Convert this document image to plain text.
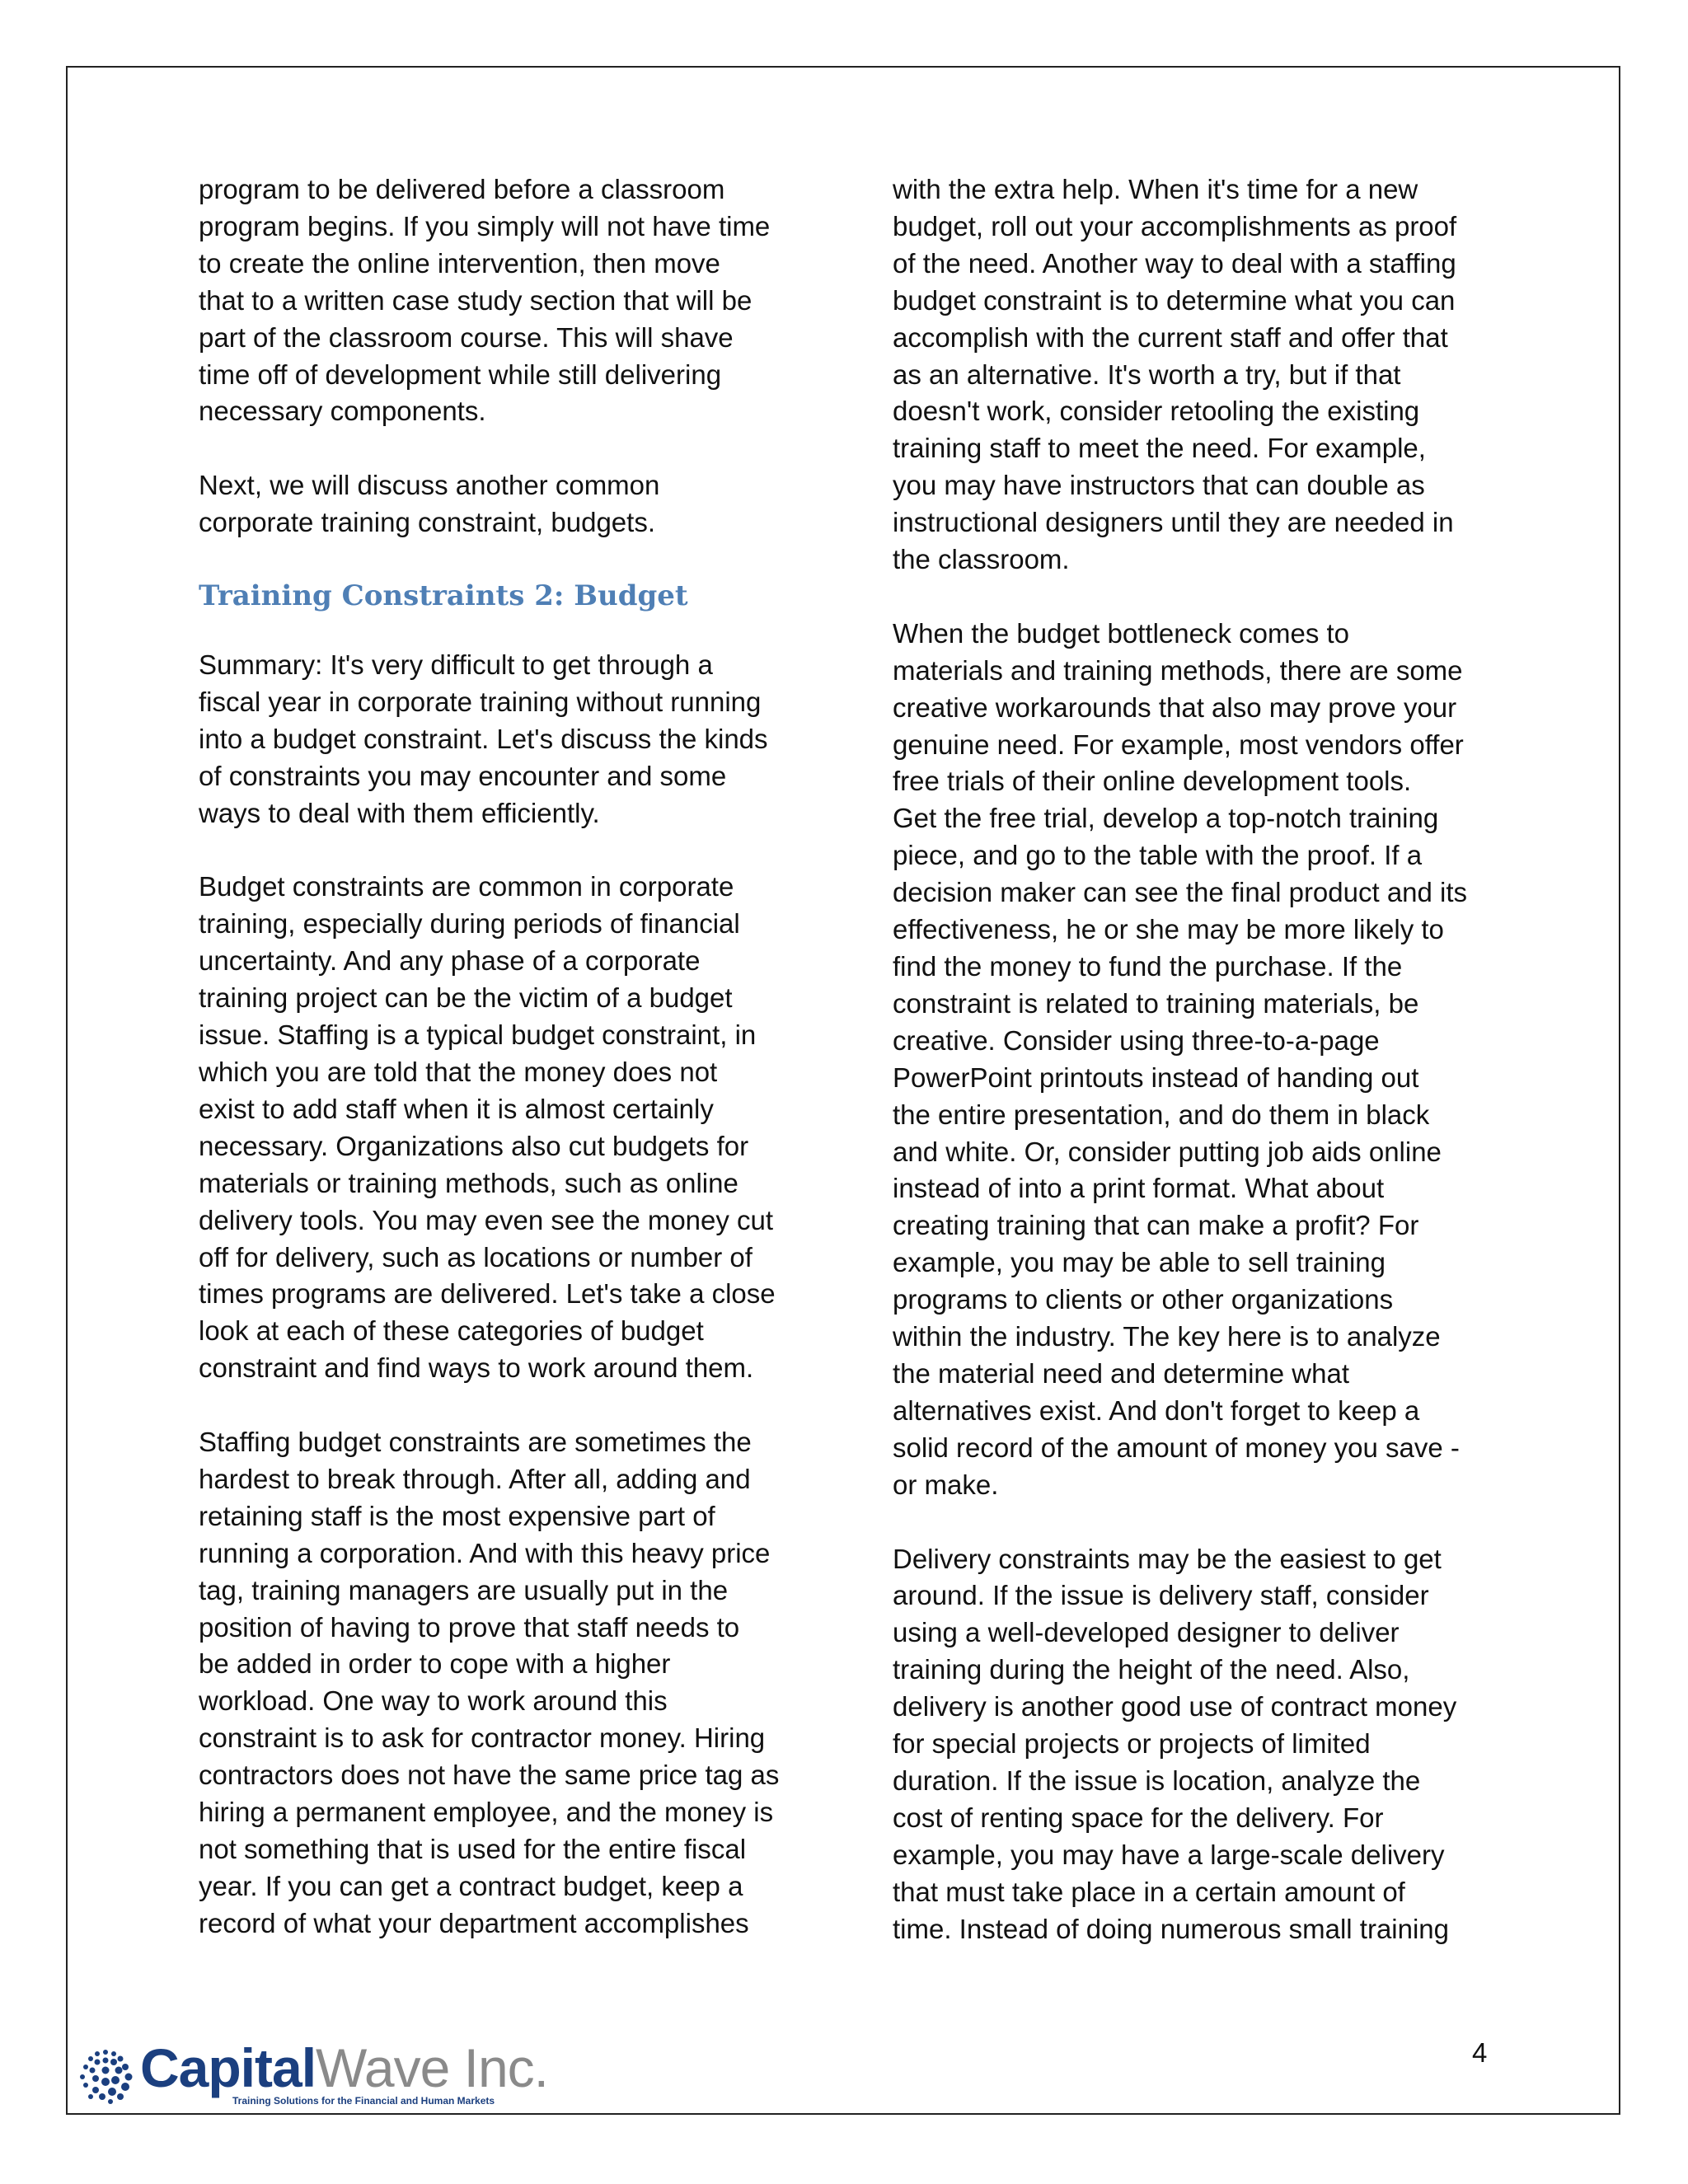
program to be delivered before a classroom
program begins. If you simply will not have time
to create the online intervention, then move
that to a written case study section that will be
part of the classroom course. This will shave
time off of development while still delivering
necessary components.

Next, we will discuss another common
corporate training constraint, budgets.

Training Constraints 2: Budget

Summary: It's very difficult to get through a
fiscal year in corporate training without running
into a budget constraint. Let's discuss the kinds
of constraints you may encounter and some
ways to deal with them efficiently.

Budget constraints are common in corporate
training, especially during periods of financial
uncertainty. And any phase of a corporate
training project can be the victim of a budget
issue. Staffing is a typical budget constraint, in
which you are told that the money does not
exist to add staff when it is almost certainly
necessary. Organizations also cut budgets for
materials or training methods, such as online
delivery tools. You may even see the money cut
off for delivery, such as locations or number of
times programs are delivered. Let's take a close
look at each of these categories of budget
constraint and find ways to work around them.

Staffing budget constraints are sometimes the
hardest to break through. After all, adding and
retaining staff is the most expensive part of
running a corporation. And with this heavy price
tag, training managers are usually put in the
position of having to prove that staff needs to
be added in order to cope with a higher
workload. One way to work around this
constraint is to ask for contractor money. Hiring
contractors does not have the same price tag as
hiring a permanent employee, and the money is
not something that is used for the entire fiscal
year. If you can get a contract budget, keep a
record of what your department accomplishes

with the extra help. When it's time for a new
budget, roll out your accomplishments as proof
of the need. Another way to deal with a staffing
budget constraint is to determine what you can
accomplish with the current staff and offer that
as an alternative. It's worth a try, but if that
doesn't work, consider retooling the existing
training staff to meet the need. For example,
you may have instructors that can double as
instructional designers until they are needed in
the classroom.

When the budget bottleneck comes to
materials and training methods, there are some
creative workarounds that also may prove your
genuine need. For example, most vendors offer
free trials of their online development tools.
Get the free trial, develop a top-notch training
piece, and go to the table with the proof. If a
decision maker can see the final product and its
effectiveness, he or she may be more likely to
find the money to fund the purchase. If the
constraint is related to training materials, be
creative. Consider using three-to-a-page
PowerPoint printouts instead of handing out
the entire presentation, and do them in black
and white. Or, consider putting job aids online
instead of into a print format. What about
creating training that can make a profit? For
example, you may be able to sell training
programs to clients or other organizations
within the industry. The key here is to analyze
the material need and determine what
alternatives exist. And don't forget to keep a
solid record of the amount of money you save -
or make.

Delivery constraints may be the easiest to get
around. If the issue is delivery staff, consider
using a well-developed designer to deliver
training during the height of the need. Also,
delivery is another good use of contract money
for special projects or projects of limited
duration. If the issue is location, analyze the
cost of renting space for the delivery. For
example, you may have a large-scale delivery
that must take place in a certain amount of
time. Instead of doing numerous small training

4
CapitalWave Inc.
Training Solutions for the Financial and Human Markets
